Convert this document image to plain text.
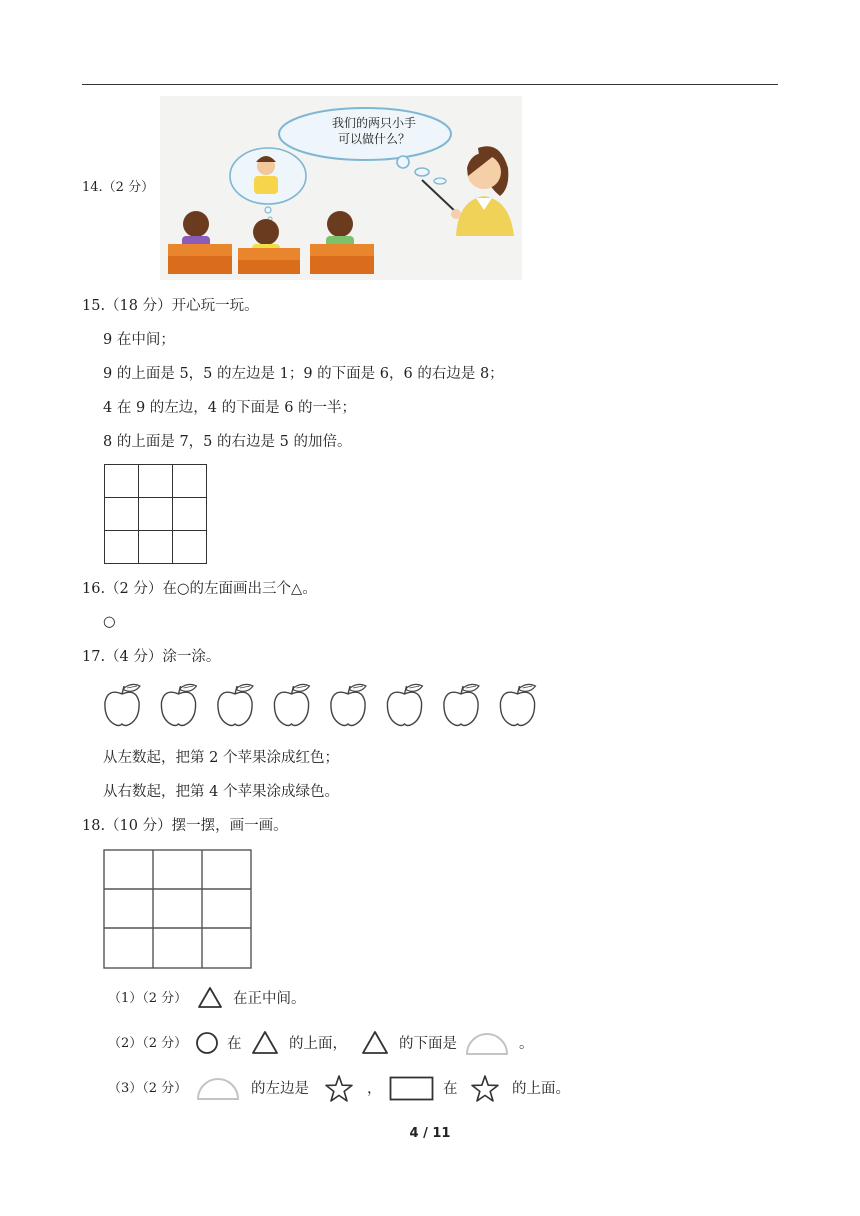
14.（2 分）
我们的两只小手
可以做什么？
15.（18 分）开心玩一玩。
9 在中间；
9 的上面是 5，5 的左边是 1；9 的下面是 6，6 的右边是 8；
4 在 9 的左边，4 的下面是 6 的一半；
8 的上面是 7，5 的右边是 5 的加倍。

16.（2 分）在○的左面画出三个△。
○
17.（4 分）涂一涂。
从左数起，把第 2 个苹果涂成红色；
从右数起，把第 4 个苹果涂成绿色。
18.（10 分）摆一摆，画一画。
（1）（2 分）	在正中间。
（2）（2 分）	在	的上面，	的下面是	。
（3）（2 分）	的左边是	，	在	的上面。
4 / 11
